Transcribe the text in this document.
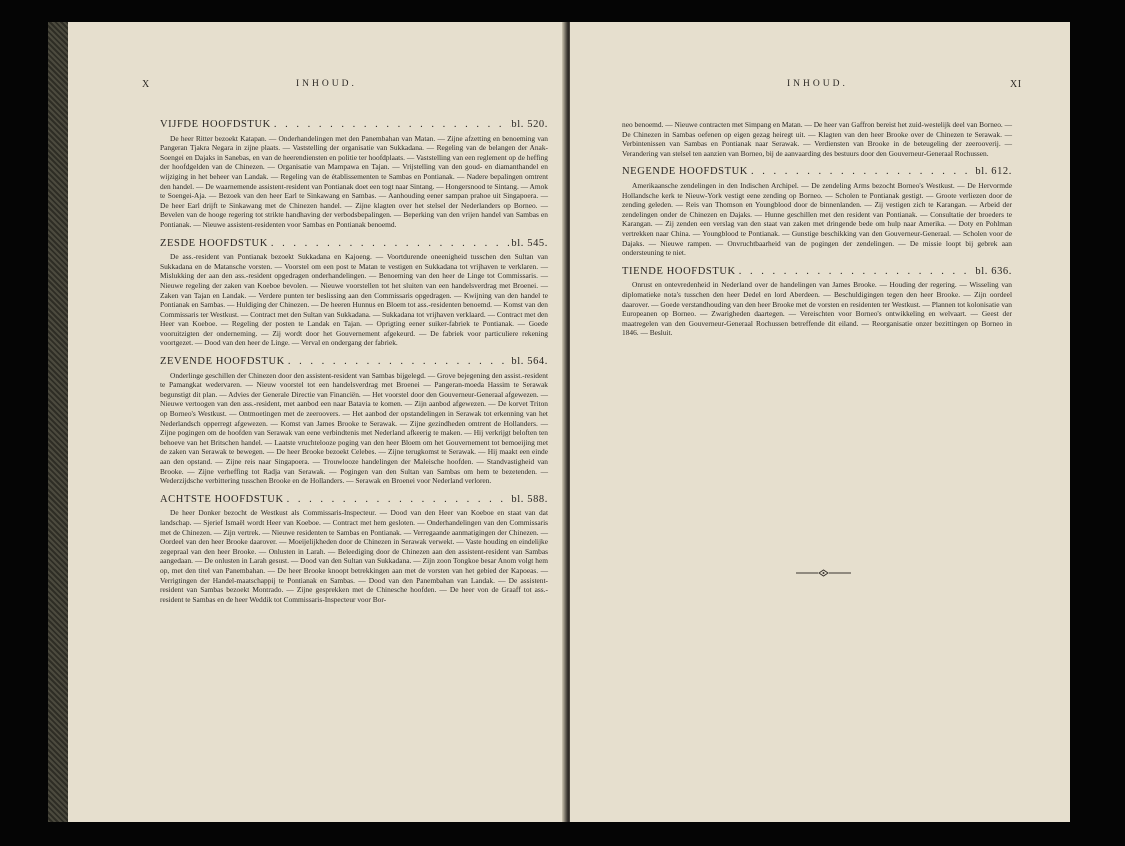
X	INHOUD.
VIJFDE HOOFDSTUK . . .	bl. 520.

De heer Ritter bezoekt Katapan. — Onderhandelingen met den Panembahan van Matan. — Zijne afzetting en benoeming van Pangeran Tjakra Negara in zijne plaats. — Vaststelling der organisatie van Sukkadana. — Regeling van de belangen der Anak-Soengei en Dajaks in Sanebas, en van de heerendiensten en politie ter hoofdplaats. — Vaststelling van een reglement op de heffing der hoofdgelden van de Chinezen. — Organisatie van Mampawa en Tajan. — Vrijstelling van den goud- en diamanthandel en wijziging in het beheer van Landak. — Regeling van de établissementen te Sambas en Pontianak. — Nadere bepalingen omtrent den handel. — De waarnemende assistent-resident van Pontianak doet een togt naar Sintang. — Hongersnood te Sintang. — Amok te Soengei-Aja. — Bezoek van den heer Earl te Sinkawang en Sambas. — Aanhouding eener sampan prahoe uit Singapoera. — De heer Earl drijft te Sinkawang met de Chinezen handel. — Zijne klagten over het stelsel der Nederlanders op Borneo. — Bevelen van de hooge regering tot strikte handhaving der verbodsbepalingen. — Beperking van den vrijen handel van Sambas en Pontianak. — Nieuwe assistent-residenten voor Sambas en Pontianak benoemd.

ZESDE HOOFDSTUK . . .	bl. 545.

De ass.-resident van Pontianak bezoekt Sukkadana en Kajoeng. — Voortdurende oneenigheid tusschen den Sultan van Sukkadana en de Matansche vorsten. — Voorstel om een post te Matan te vestigen en Sukkadana tot vrijhaven te verklaren. — Mislukking der aan den ass.-resident opgedragen onderhandelingen. — Benoeming van den heer de Linge tot Commissaris. — Nieuwe regeling der zaken van Koeboe bevolen. — Nieuwe voorstellen tot het sluiten van een handelsverdrag met Broenei. — Zaken van Tajan en Landak. — Verdere punten ter beslissing aan den Commissaris opgedragen. — Kwijning van den handel te Pontianak en Sambas. — Huldiging der Chinezen. — De heeren Hunnus en Bloem tot ass.-residenten benoemd. — Komst van den Commissaris ter Westkust. — Contract met den Sultan van Sukkadana. — Sukkadana tot vrijhaven verklaard. — Contract met den Heer van Koeboe. — Regeling der posten te Landak en Tajan. — Oprigting eener suiker-fabriek te Pontianak. — Goede vooruitzigten der onderneming. — Zij wordt door het Gouvernement afgekeurd. — De fabriek voor particuliere rekening voortgezet. — Dood van den heer de Linge. — Verval en ondergang der fabriek.

ZEVENDE HOOFDSTUK . . .	bl. 564.

Onderlinge geschillen der Chinezen door den assistent-resident van Sambas bijgelegd. — Grove bejegening den assist.-resident te Pamangkat wedervaren. — Nieuw voorstel tot een handelsverdrag met Broenei — Pangeran-moeda Hassim te Serawak begunstigt dit plan. — Advies der Generale Directie van Financiën. — Het voorstel door den Gouverneur-Generaal afgewezen. — Nieuwe vertoogen van den ass.-resident, met aanbod een naar Batavia te komen. — Zijn aanbod afgewezen. — De korvet Triton op Borneo's Westkust. — Ontmoetingen met de zeeroovers. — Het aanbod der opstandelingen in Serawak tot erkenning van het Nederlandsch opperregt afgewezen. — Komst van James Brooke te Serawak. — Zijne gezindheden omtrent de Hollanders. — Zijne pogingen om de hoofden van Serawak van eene verbindtenis met Nederland afkeerig te maken. — Hij verkrijgt beloften ten behoeve van het Britschen handel. — Laatste vruchtelooze poging van den heer Bloem om het Gouvernement tot bemoeijing met de zaken van Serawak te bewegen. — De heer Brooke bezoekt Celebes. — Zijne terugkomst te Serawak. — Hij maakt een einde aan den opstand. — Zijne reis naar Singapoera. — Trouwlooze handelingen der Maleische hoofden. — Standvastigheid van Brooke. — Zijne verheffing tot Radja van Serawak. — Pogingen van den Sultan van Sambas om hem te bezetenden. — Wederzijdsche verbittering tusschen Brooke en de Hollanders. — Serawak en Broenei voor Nederland verloren.

ACHTSTE HOOFDSTUK . . .	bl. 588.

De heer Donker bezocht de Westkust als Commissaris-Inspecteur. — Dood van den Heer van Koeboe en staat van dat landschap. — Sjerief Ismaël wordt Heer van Koeboe. — Contract met hem gesloten. — Onderhandelingen van den Commissaris met de Chinezen. — Zijn vertrek. — Nieuwe residenten te Sambas en Pontianak. — Verregaande aanmatigingen der Chinezen. — Oordeel van den heer Brooke daarover. — Moeijelijkheden door de Chinezen in Serawak verwekt. — Vaste houding en eindelijke zegepraal van den heer Brooke. — Onlusten in Larah. — Beleediging door de Chinezen aan den assistent-resident van Sambas aangedaan. — De onlusten in Larah gesust. — Dood van den Sultan van Sukkadana. — Zijn zoon Tongkoe besar Anom volgt hem op, met den titel van Panembahan. — De heer Brooke knoopt betrekkingen aan met de vorsten van het gebied der Kapoeas. — Verrigtingen der Handel-maatschappij te Pontianak en Sambas. — Dood van den Panembahan van Landak. — De assistent-resident van Sambas bezoekt Montrado. — Zijne gesprekken met de Chinesche hoofden. — De heer von de Graaff tot ass.-resident te Sambas en de heer Weddik tot Commissaris-Inspecteur voor Bor-

INHOUD.	XI

neo benoemd. — Nieuwe contracten met Simpang en Matan. — De heer van Gaffron bereist het zuid-westelijk deel van Borneo. — De Chinezen in Sambas oefenen op eigen gezag heiregt uit. — Klagten van den heer Brooke over de Chinezen te Serawak. — Verbintenissen van Sambas en Pontianak naar Serawak. — Verdiensten van Brooke in de beteugeling der zeerooverij. — Verandering van stelsel ten aanzien van Borneo, bij de aanvaarding des bestuurs door den Gouverneur-Generaal Rochussen.

NEGENDE HOOFDSTUK . . .	bl. 612.

Amerikaansche zendelingen in den Indischen Archipel. — De zendeling Arms bezocht Borneo's Westkust. — De Hervormde Hollandsche kerk te Nieuw-York vestigt eene zending op Borneo. — Scholen te Pontianak gestigt. — Groote verliezen door de zending geleden. — Reis van Thomson en Youngblood door de binnenlanden. — Zij vestigen zich te Karangan. — Arbeid der zendelingen onder de Chinezen en Dajaks. — Hunne geschillen met den resident van Pontianak. — Consultatie der broeders te Karangan. — Zij zenden een verslag van den staat van zaken met dringende bede om hulp naar Amerika. — Doty en Pohlman vertrekken naar China. — Youngblood te Pontianak. — Gunstige beschikking van den Gouverneur-Generaal. — Scholen voor de Dajaks. — Nieuwe rampen. — Onvruchtbaarheid van de pogingen der zendelingen. — De missie loopt bij gebrek aan ondersteuning te niet.

TIENDE HOOFDSTUK . . .	bl. 636.

Onrust en ontevredenheid in Nederland over de handelingen van James Brooke. — Houding der regering. — Wisseling van diplomatieke nota's tusschen den heer Dedel en lord Aberdeen. — Beschuldigingen tegen den heer Brooke. — Zijn oordeel daarover. — Goede verstandhouding van den heer Brooke met de vorsten en residenten ter Westkust. — Plannen tot kolonisatie van Europeanen op Borneo. — Zwarigheden daartegen. — Vereischten voor Borneo's ontwikkeling en welvaart. — Geest der maatregelen van den Gouverneur-Generaal Rochussen betreffende dit eiland. — Reorganisatie onzer bezittingen op Borneo in 1846. — Besluit.
